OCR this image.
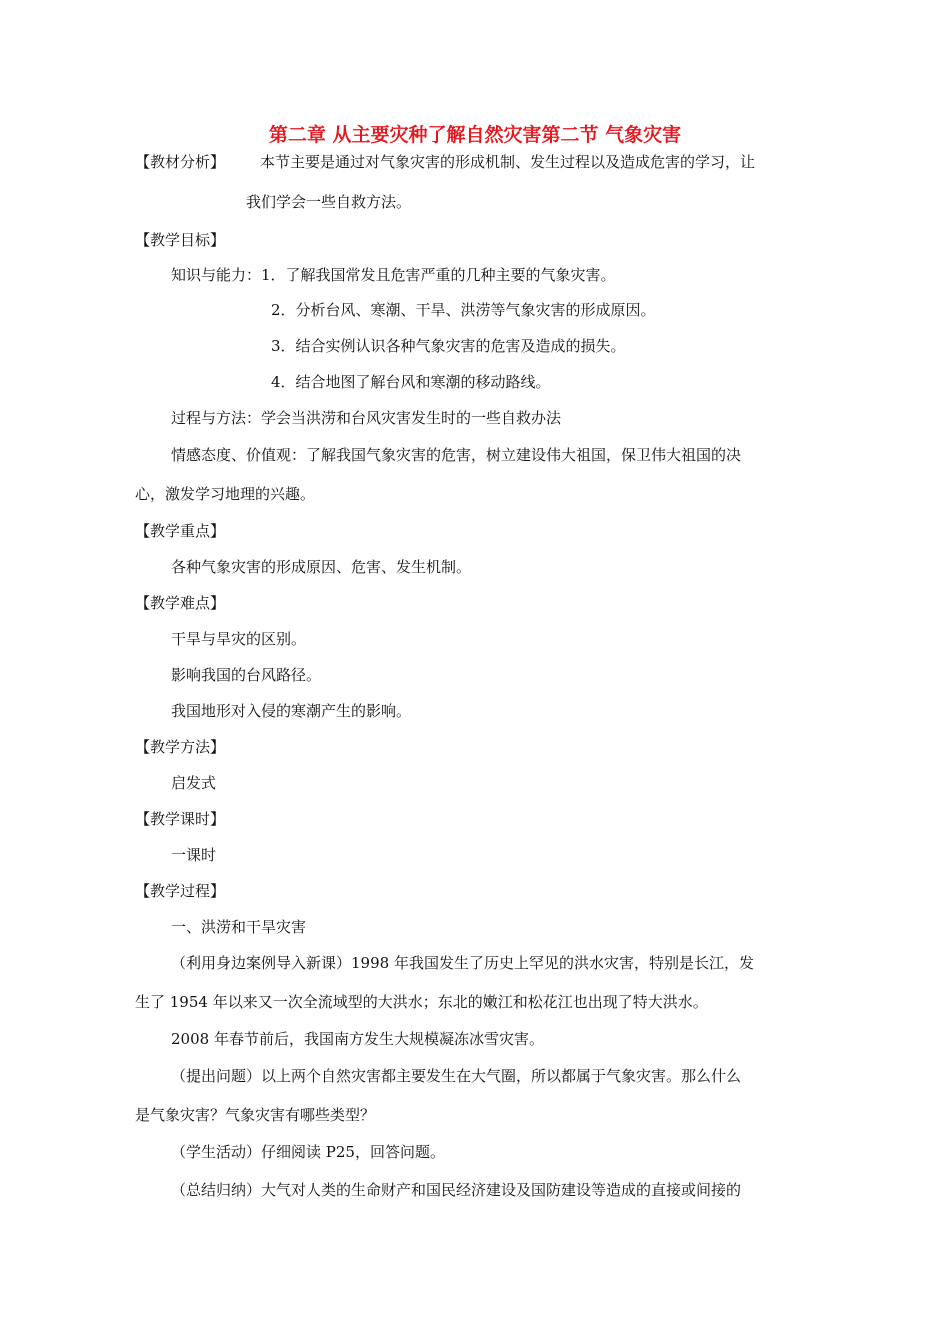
第二章 从主要灾种了解自然灾害第二节 气象灾害
【教材分析】 本节主要是通过对气象灾害的形成机制、发生过程以及造成危害的学习，让
我们学会一些自救方法。
【教学目标】
知识与能力：1．了解我国常发且危害严重的几种主要的气象灾害。
2．分析台风、寒潮、干旱、洪涝等气象灾害的形成原因。
3．结合实例认识各种气象灾害的危害及造成的损失。
4．结合地图了解台风和寒潮的移动路线。
过程与方法：学会当洪涝和台风灾害发生时的一些自救办法
情感态度、价值观：了解我国气象灾害的危害，树立建设伟大祖国，保卫伟大祖国的决
心，激发学习地理的兴趣。
【教学重点】
各种气象灾害的形成原因、危害、发生机制。
【教学难点】
干旱与旱灾的区别。
影响我国的台风路径。
我国地形对入侵的寒潮产生的影响。
【教学方法】
启发式
【教学课时】
一课时
【教学过程】
一、洪涝和干旱灾害
（利用身边案例导入新课）1998 年我国发生了历史上罕见的洪水灾害，特别是长江，发
生了 1954 年以来又一次全流域型的大洪水；东北的嫩江和松花江也出现了特大洪水。
2008 年春节前后，我国南方发生大规模凝冻冰雪灾害。
（提出问题）以上两个自然灾害都主要发生在大气圈，所以都属于气象灾害。那么什么
是气象灾害？气象灾害有哪些类型？
（学生活动）仔细阅读 P25，回答问题。
（总结归纳）大气对人类的生命财产和国民经济建设及国防建设等造成的直接或间接的
